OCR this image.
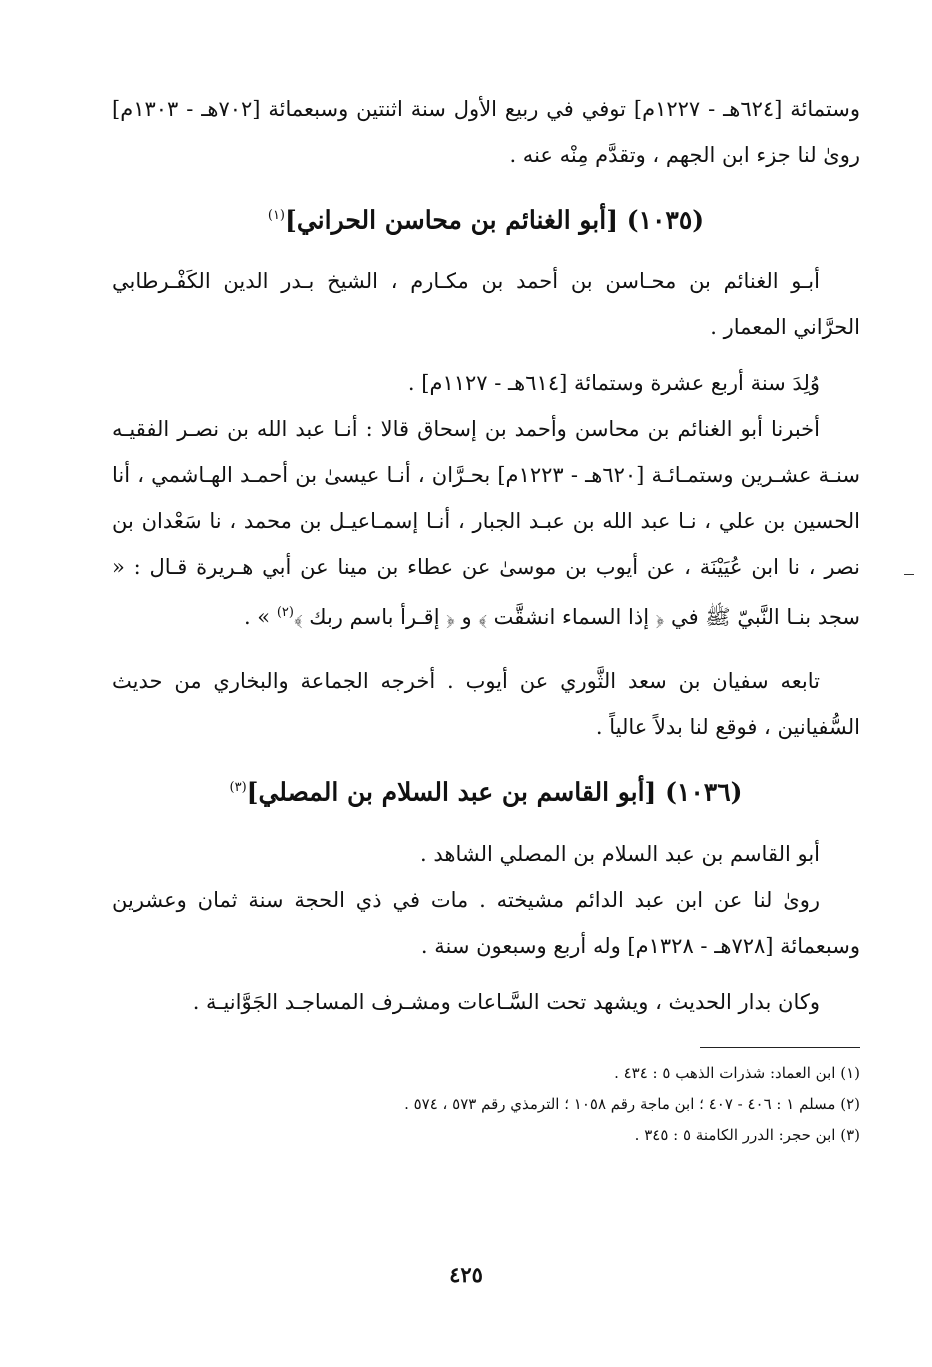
وستمائة [٦٢٤هـ - ١٢٢٧م] توفي في ربيع الأول سنة اثنتين وسبعمائة [٧٠٢هـ - ١٣٠٣م] رویٰ لنا جزء ابن الجهم ، وتقدَّم مِنْه عنه .

(١٠٣٥) [أبو الغنائم بن محاسن الحراني]$^{(١)}$

أبـو الغنائم بن محـاسن بن أحمد بن مكـارم ، الشيخ بـدر الدين الكَفْـرطابي الحرَّاني المعمار .

وُلِدَ سنة أربع عشرة وستمائة [٦١٤هـ - ١١٢٧م] .

أخبرنا أبو الغنائم بن محاسن وأحمد بن إسحاق قالا : أنـا عبد الله بن نصـر الفقيـه سنـة عشـرين وستمـائـة [٦٢٠هـ - ١٢٢٣م] بحـرَّان ، أنـا عيسىٰ بن أحمـد الهـاشمي ، أنا الحسين بن علي ، نـا عبد الله بن عبـد الجبار ، أنـا إسمـاعيـل بن محمد ، نا سَعْدان بن نصر ، نا ابن عُيَيْنَة ، عن أيوب بن موسىٰ عن عطاء بن مينا عن أبي هـريرة قـال : « سجد بنـا النَّبيّ ﷺ في ﴿ إذا السماء انشقَّت ﴾ و ﴿ إقـرأ باسم ربك ﴾$^{(٢)}$ » .

تابعه سفيان بن سعد الثَّوري عن أيوب . أخرجه الجماعة والبخاري من حديث السُّفيانين ، فوقع لنا بدلاً عالياً .

(١٠٣٦) [أبو القاسم بن عبد السلام بن المصلي]$^{(٣)}$

أبو القاسم بن عبد السلام بن المصلي الشاهد .

رویٰ لنا عن ابن عبد الدائم مشيخته . مات في ذي الحجة سنة ثمان وعشرين وسبعمائة [٧٢٨هـ - ١٣٢٨م] وله أربع وسبعون سنة .

وكان بدار الحديث ، ويشهد تحت السَّـاعات ومشـرف المساجـد الجَوَّانيـة .

(١) ابن العماد: شذرات الذهب ٥ : ٤٣٤ .

(٢) مسلم ١ : ٤٠٦ - ٤٠٧ ؛ ابن ماجة رقم ١٠٥٨ ؛ الترمذي رقم ٥٧٣ ، ٥٧٤ .

(٣) ابن حجر: الدرر الكامنة ٥ : ٣٤٥ .

٤٢٥
